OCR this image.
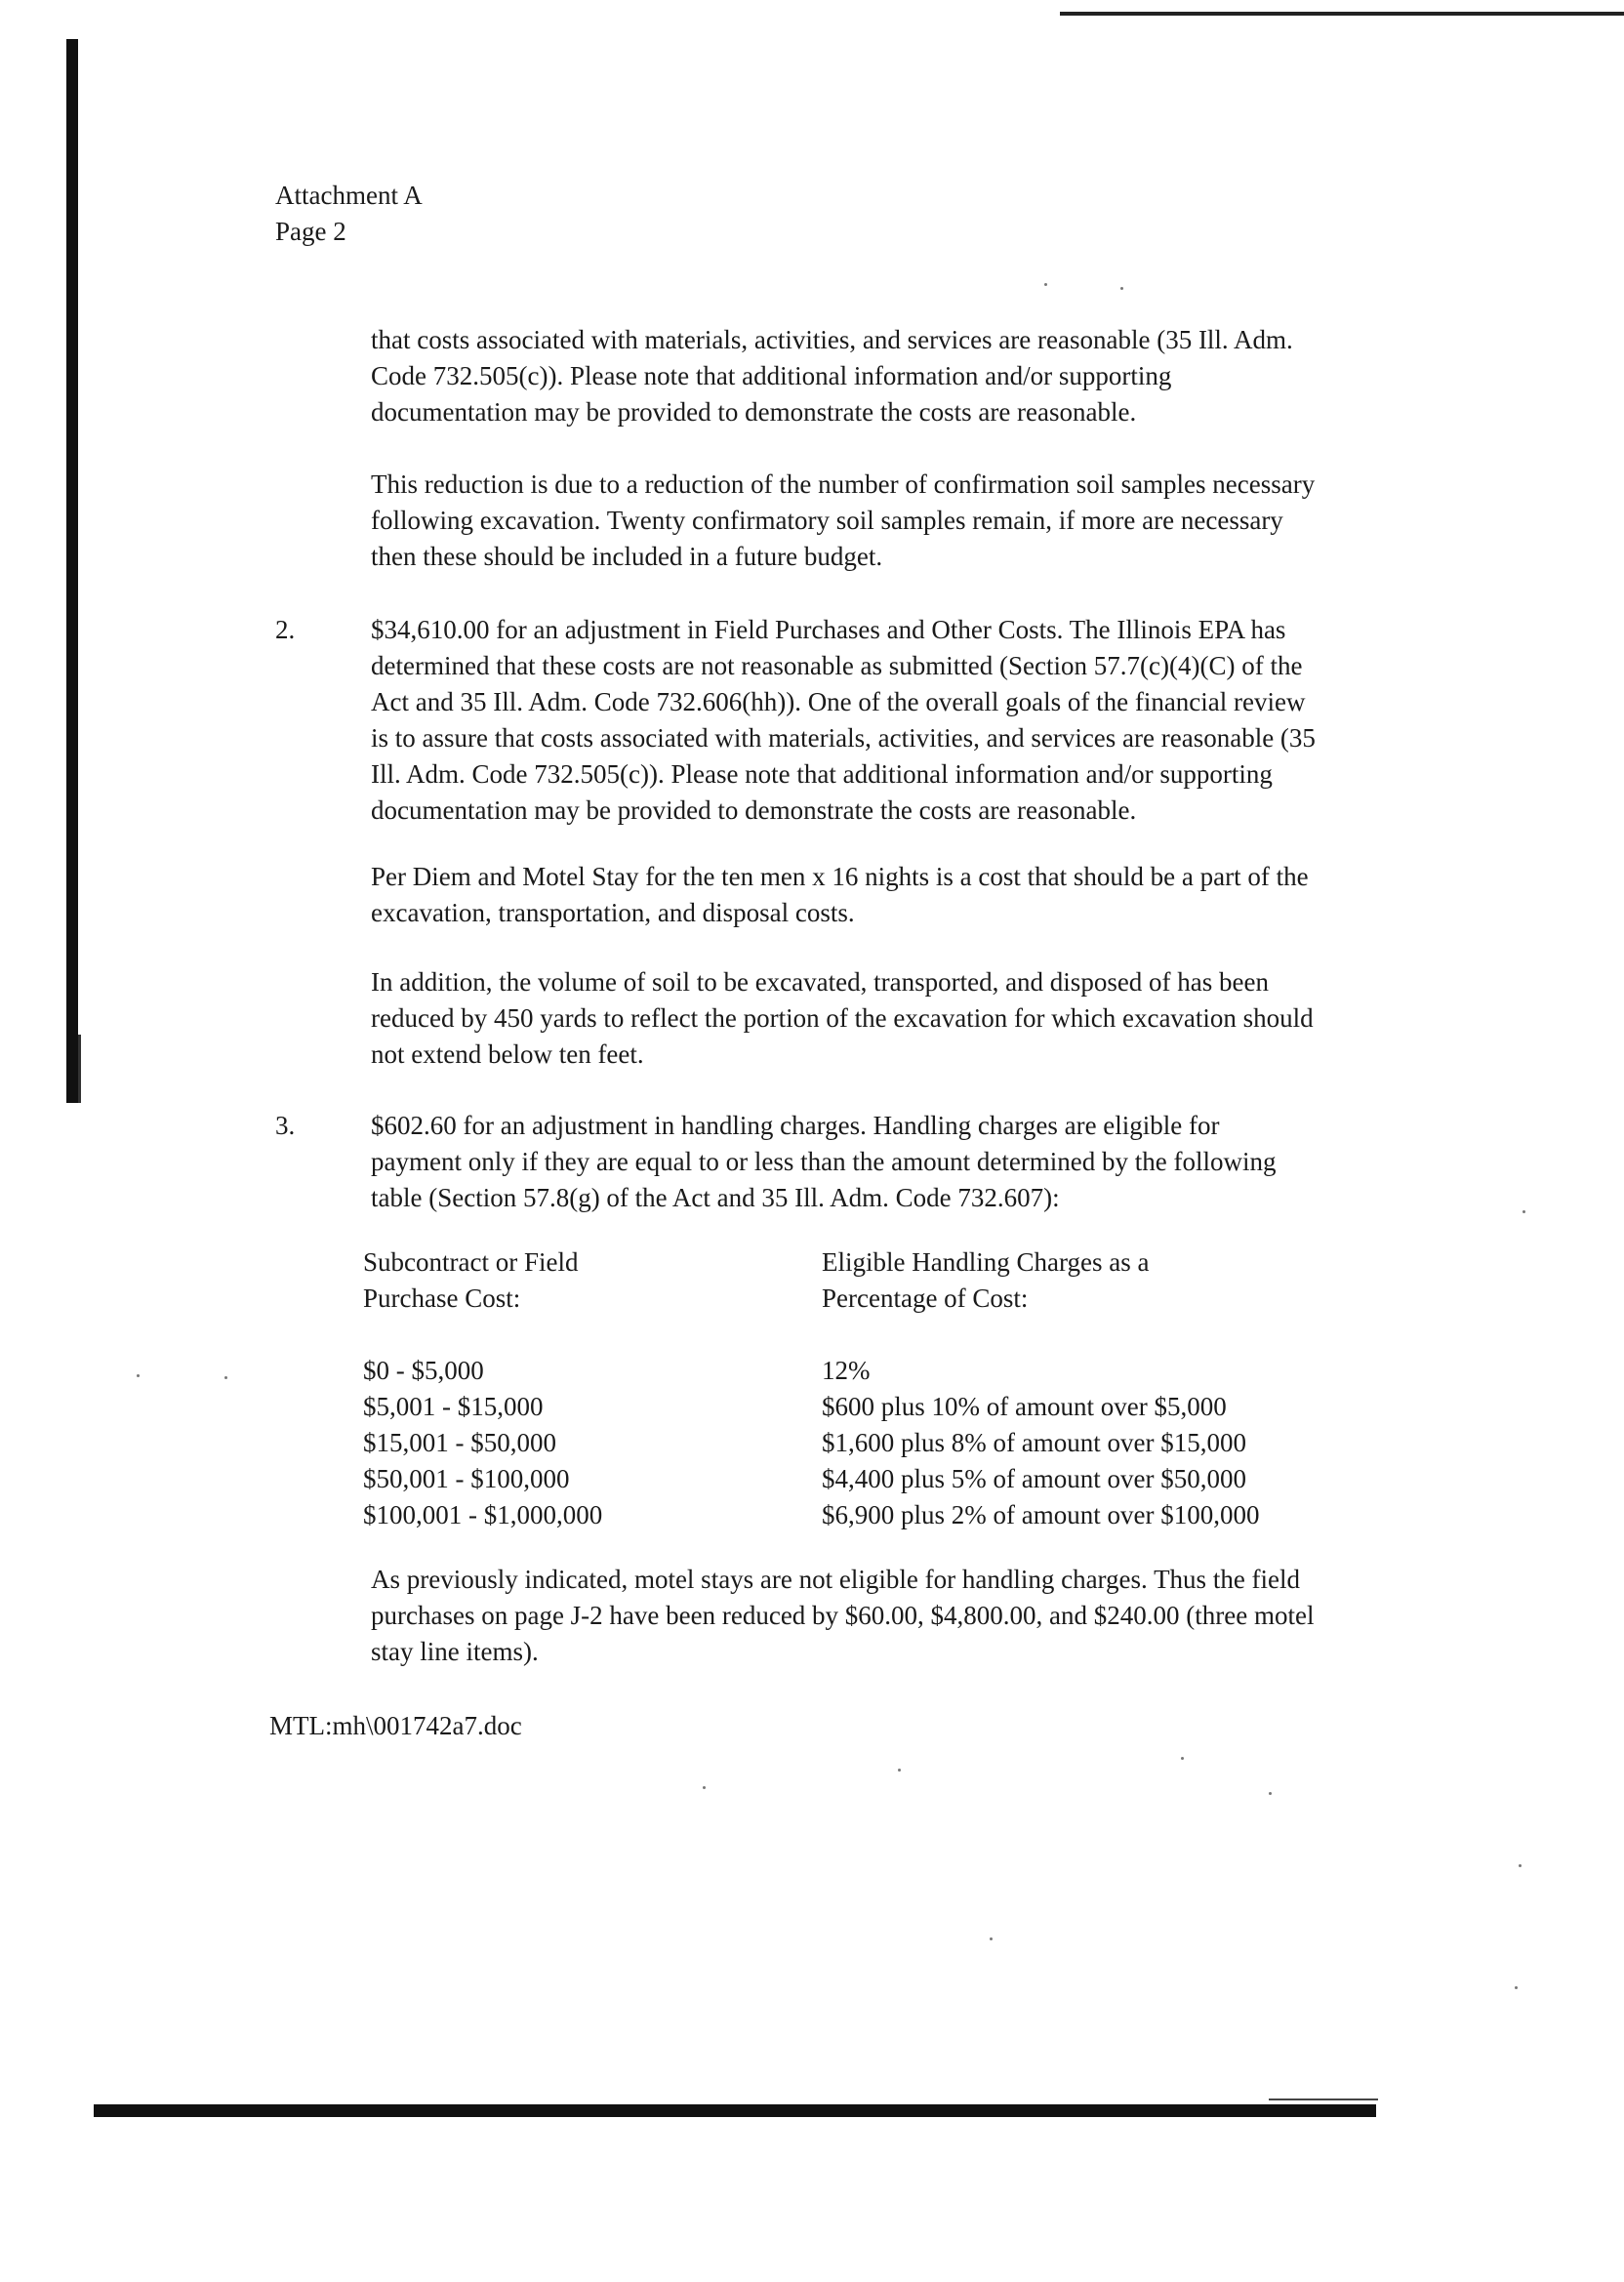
Attachment A
Page 2
that costs associated with materials, activities, and services are reasonable (35 Ill. Adm.
Code 732.505(c)). Please note that additional information and/or supporting
documentation may be provided to demonstrate the costs are reasonable.
This reduction is due to a reduction of the number of confirmation soil samples necessary
following excavation. Twenty confirmatory soil samples remain, if more are necessary
then these should be included in a future budget.
2.	$34,610.00 for an adjustment in Field Purchases and Other Costs. The Illinois EPA has
determined that these costs are not reasonable as submitted (Section 57.7(c)(4)(C) of the
Act and 35 Ill. Adm. Code 732.606(hh)). One of the overall goals of the financial review
is to assure that costs associated with materials, activities, and services are reasonable (35
Ill. Adm. Code 732.505(c)). Please note that additional information and/or supporting
documentation may be provided to demonstrate the costs are reasonable.
Per Diem and Motel Stay for the ten men x 16 nights is a cost that should be a part of the
excavation, transportation, and disposal costs.
In addition, the volume of soil to be excavated, transported, and disposed of has been
reduced by 450 yards to reflect the portion of the excavation for which excavation should
not extend below ten feet.
3.	$602.60 for an adjustment in handling charges. Handling charges are eligible for
payment only if they are equal to or less than the amount determined by the following
table (Section 57.8(g) of the Act and 35 Ill. Adm. Code 732.607):
Subcontract or Field
Purchase Cost:
Eligible Handling Charges as a
Percentage of Cost:
$0 - $5,000
$5,001 - $15,000
$15,001 - $50,000
$50,001 - $100,000
$100,001 - $1,000,000
12%
$600 plus 10% of amount over $5,000
$1,600 plus 8% of amount over $15,000
$4,400 plus 5% of amount over $50,000
$6,900 plus 2% of amount over $100,000
As previously indicated, motel stays are not eligible for handling charges. Thus the field
purchases on page J-2 have been reduced by $60.00, $4,800.00, and $240.00 (three motel
stay line items).
MTL:mh\001742a7.doc
